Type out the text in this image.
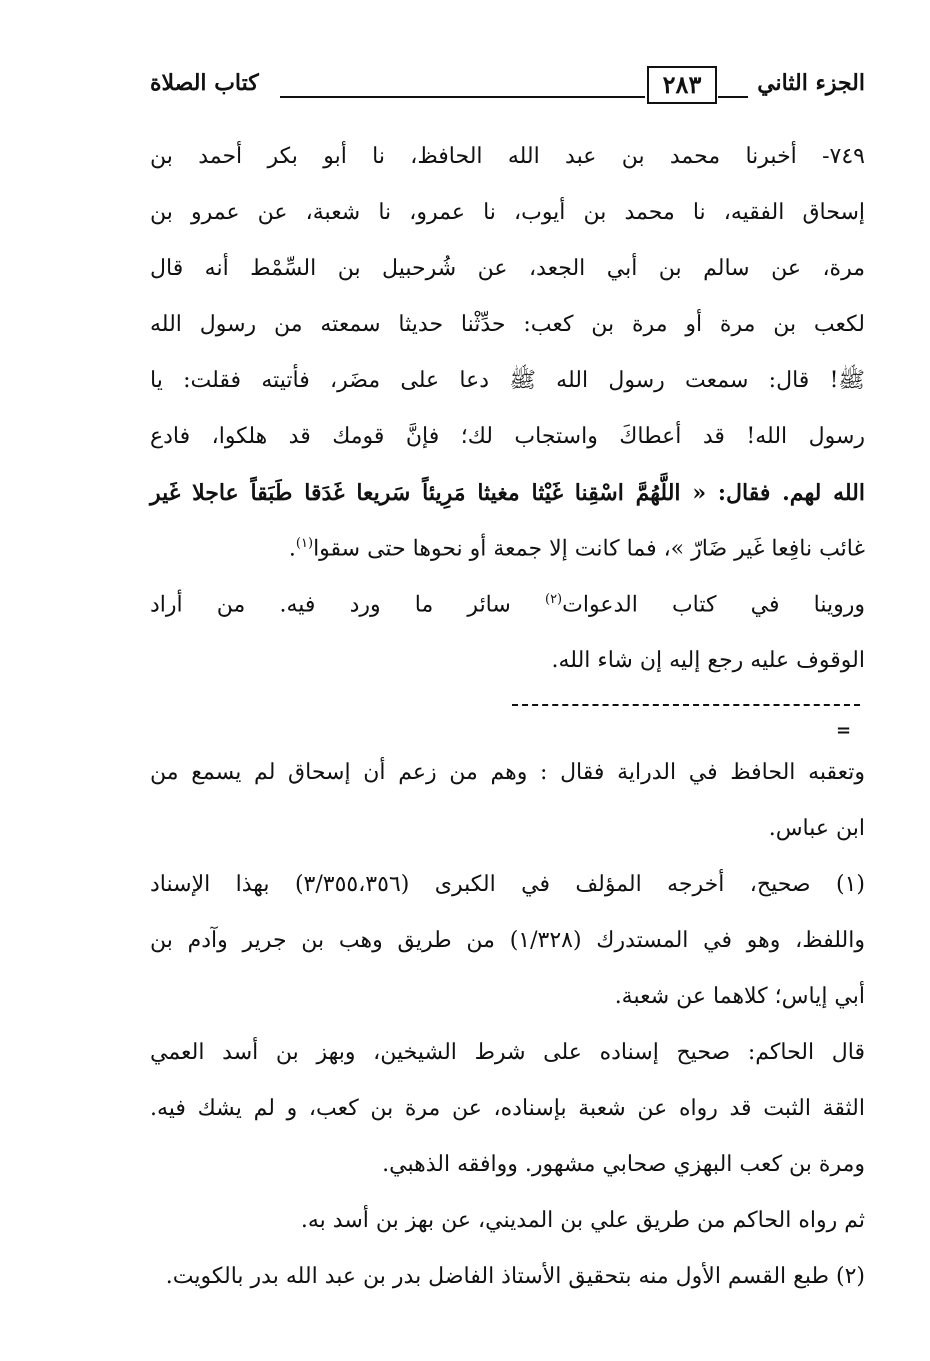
الجزء الثاني
٢٨٣
كتاب الصلاة
٧٤٩- أخبرنا محمد بن عبد الله الحافظ، نا أبو بكر أحمد بن
إسحاق الفقيه، نا محمد بن أيوب، نا عمرو، نا شعبة، عن عمرو بن
مرة، عن سالم بن أبي الجعد، عن شُرحبيل بن السِّمْط أنه قال
لكعب بن مرة أو مرة بن كعب: حدِّثْنا حديثا سمعته من رسول الله
ﷺ! قال: سمعت رسول الله ﷺ دعا على مضَر، فأتيته فقلت: يا
رسول الله! قد أعطاكَ واستجاب لك؛ فإنَّ قومك قد هلكوا، فادع
الله لهم. فقال: « اللَّهُمَّ اسْقِنا غَيْثا مغيثا مَرِيئاً سَريعا غَدَقا طَبَقاً عاجلا غَير
غائب نافِعا غَير ضَارّ »، فما كانت إلا جمعة أو نحوها حتى سقوا$^{(١)}$.
وروينا في كتاب الدعوات$^{(٢)}$ سائر ما ورد فيه. من أراد
الوقوف عليه رجع إليه إن شاء الله.
=
وتعقبه الحافظ في الدراية فقال : وهم من زعم أن إسحاق لم يسمع من
ابن عباس.
(١) صحيح، أخرجه المؤلف في الكبرى (٣/٣٥٥،٣٥٦) بهذا الإسناد
واللفظ، وهو في المستدرك (١/٣٢٨) من طريق وهب بن جرير وآدم بن
أبي إياس؛ كلاهما عن شعبة.
قال الحاكم: صحيح إسناده على شرط الشيخين، وبهز بن أسد العمي
الثقة الثبت قد رواه عن شعبة بإسناده، عن مرة بن كعب، و لم يشك فيه.
ومرة بن كعب البهزي صحابي مشهور. ووافقه الذهبي.
ثم رواه الحاكم من طريق علي بن المديني، عن بهز بن أسد به.
(٢) طبع القسم الأول منه بتحقيق الأستاذ الفاضل بدر بن عبد الله بدر بالكويت.
